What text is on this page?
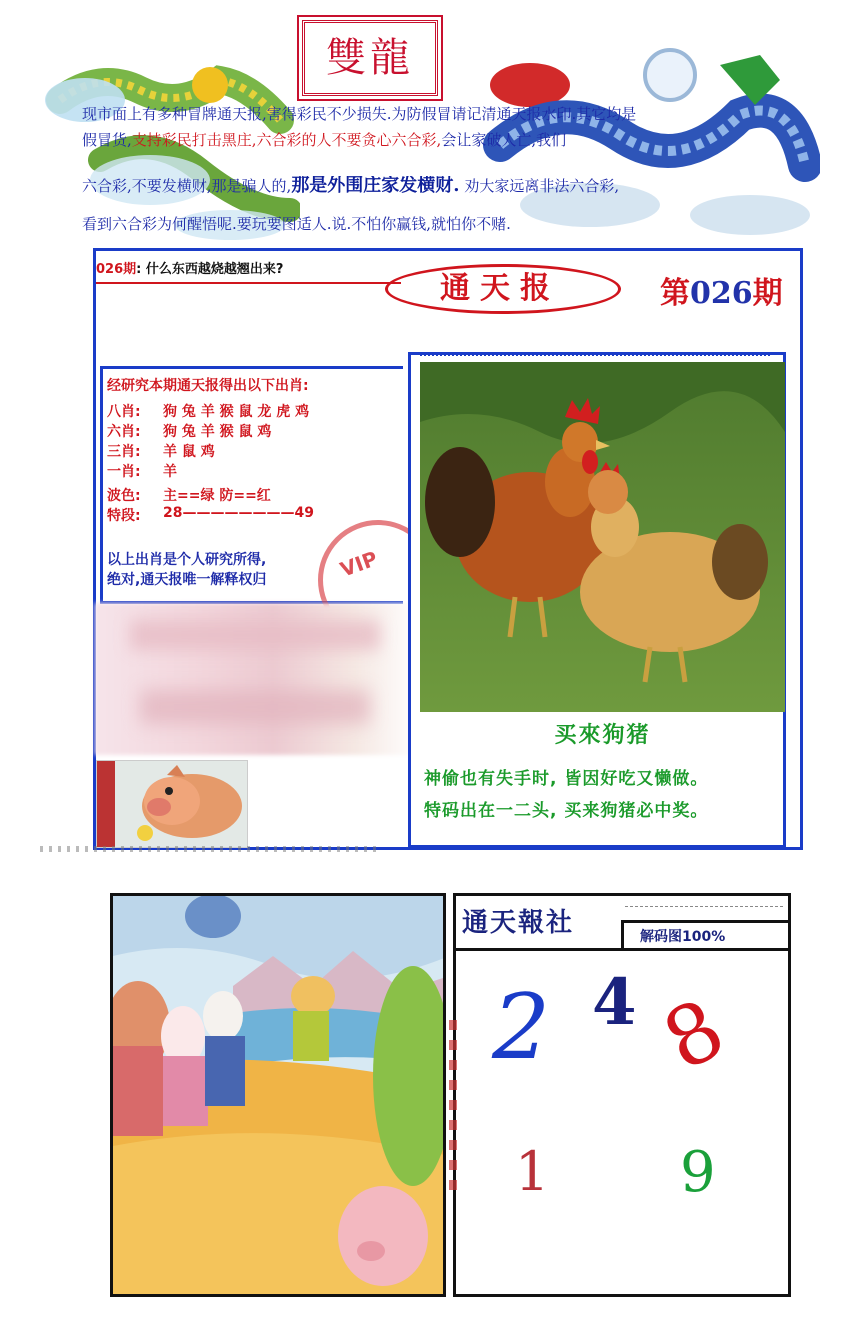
雙龍
现市面上有多种冒牌通天报,害得彩民不少损失.为防假冒请记清通天报水印.其它均是
假冒货,支持彩民打击黑庄,六合彩的人不要贪心六合彩,会让家破人亡,我们
六合彩,不要发横财,那是骗人的,那是外围庄家发横财. 劝大家远离非法六合彩,
看到六合彩为何醒悟呢.要玩要图适人.说.不怕你赢钱,就怕你不赌.
026期: 什么东西越烧越翘出来?
通天报	第026期
经研究本期通天报得出以下出肖:
八肖: 狗 兔 羊 猴 鼠 龙 虎 鸡
六肖: 狗 兔 羊 猴 鼠 鸡
三肖: 羊 鼠 鸡
一肖: 羊
波色: 主==绿 防==红
特段: 28————————49
以上出肖是个人研究所得,
绝对,通天报唯一解释权归	VIP
买來狗猪
神偷也有失手时, 皆因好吃又懒做。
特码出在一二头, 买来狗猪必中奖。
通天報社	解码图100%
2 4 8
1 9
